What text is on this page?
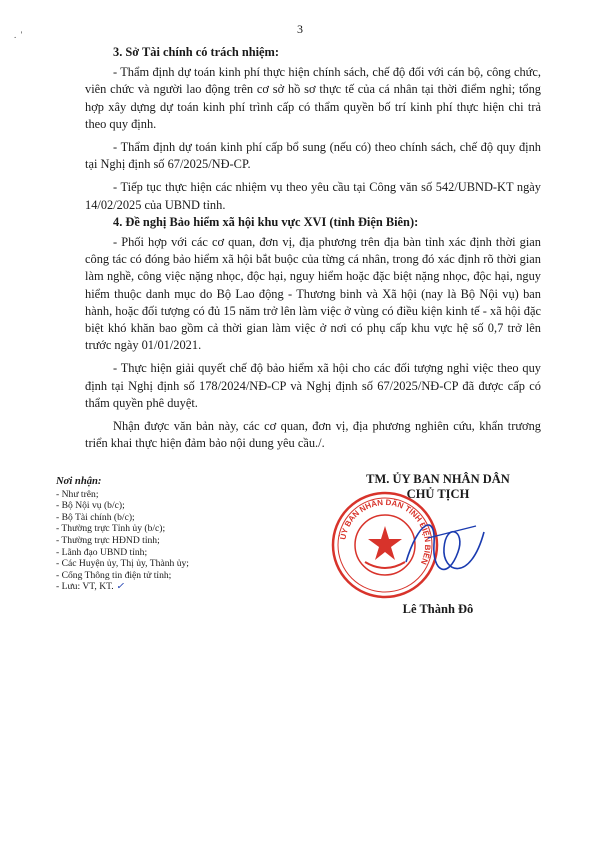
.  '	3

3. Sở Tài chính có trách nhiệm:

- Thẩm định dự toán kinh phí thực hiện chính sách, chế độ đối với cán bộ, công chức, viên chức và người lao động trên cơ sở hồ sơ thực tế của cá nhân tại thời điểm nghỉ; tổng hợp xây dựng dự toán kinh phí trình cấp có thẩm quyền bố trí kinh phí thực hiện chi trả theo quy định.

- Thẩm định dự toán kinh phí cấp bổ sung (nếu có) theo chính sách, chế độ quy định tại Nghị định số 67/2025/NĐ-CP.

- Tiếp tục thực hiện các nhiệm vụ theo yêu cầu tại Công văn số 542/UBND-KT ngày 14/02/2025 của UBND tỉnh.

4. Đề nghị Bảo hiểm xã hội khu vực XVI (tỉnh Điện Biên):

- Phối hợp với các cơ quan, đơn vị, địa phương trên địa bàn tỉnh xác định thời gian công tác có đóng bảo hiểm xã hội bắt buộc của từng cá nhân, trong đó xác định rõ thời gian làm nghề, công việc nặng nhọc, độc hại, nguy hiểm hoặc đặc biệt nặng nhọc, độc hại, nguy hiểm thuộc danh mục do Bộ Lao động - Thương binh và Xã hội (nay là Bộ Nội vụ) ban hành, hoặc đối tượng có đủ 15 năm trở lên làm việc ở vùng có điều kiện kinh tế - xã hội đặc biệt khó khăn bao gồm cả thời gian làm việc ở nơi có phụ cấp khu vực hệ số 0,7 trở lên trước ngày 01/01/2021.

- Thực hiện giải quyết chế độ bảo hiểm xã hội cho các đối tượng nghỉ việc theo quy định tại Nghị định số 178/2024/NĐ-CP và Nghị định số 67/2025/NĐ-CP đã được cấp có thẩm quyền phê duyệt.

Nhận được văn bản này, các cơ quan, đơn vị, địa phương nghiên cứu, khẩn trương triển khai thực hiện đảm bảo nội dung yêu cầu./.

Nơi nhận:
- Như trên;
- Bộ Nội vụ (b/c);
- Bộ Tài chính (b/c);
- Thường trực Tỉnh ủy (b/c);
- Thường trực HĐND tỉnh;
- Lãnh đạo UBND tỉnh;
- Các Huyện ủy, Thị ủy, Thành ủy;
- Cổng Thông tin điện tử tỉnh;
- Lưu: VT, KT. ✓
TM. ỦY BAN NHÂN DÂN
CHỦ TỊCH
ỦY BAN NHÂN DÂN TỈNH ĐIỆN BIÊN
Lê Thành Đô
